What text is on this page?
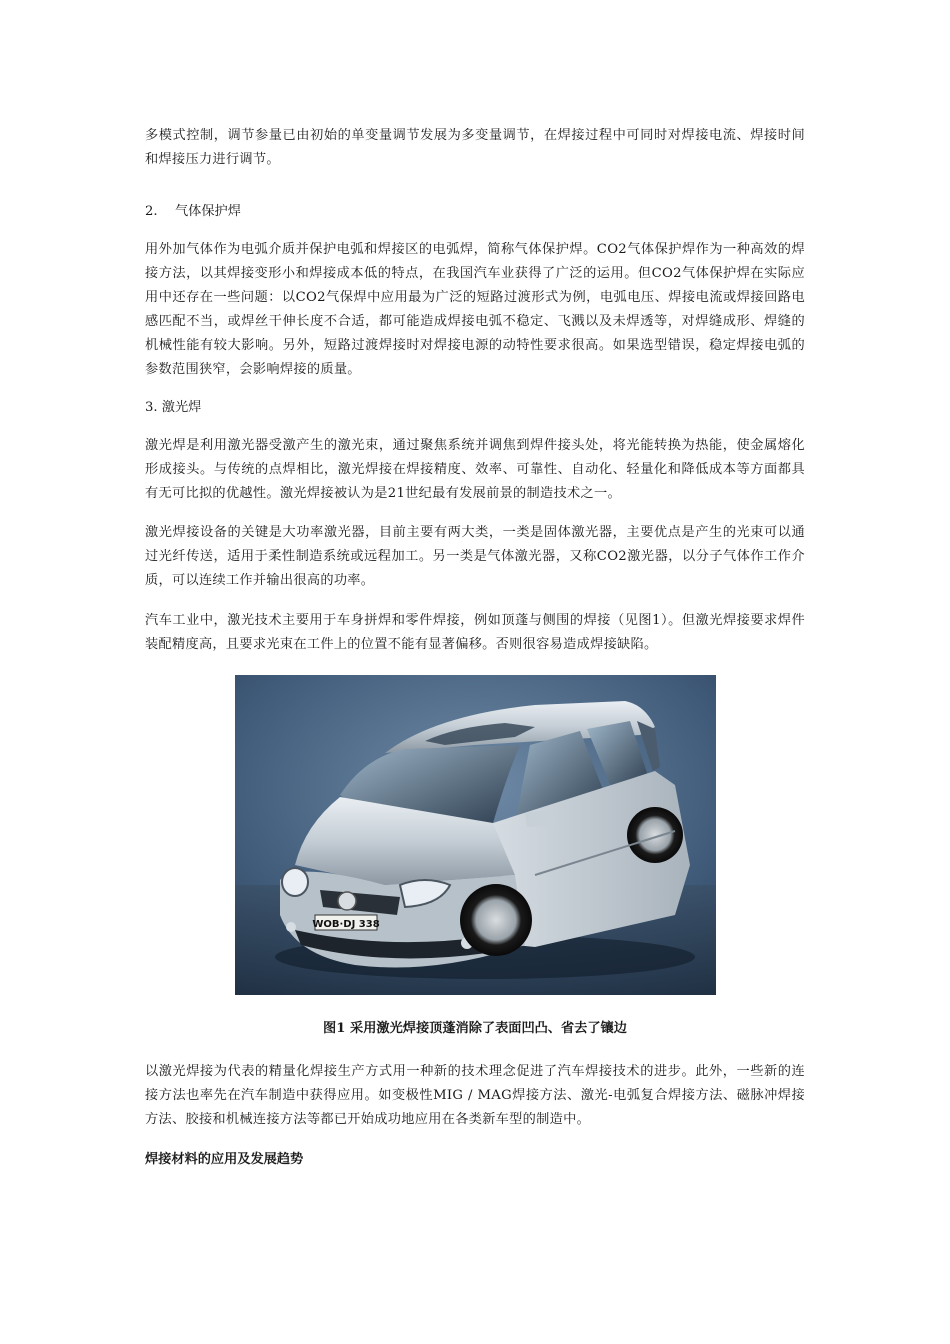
多模式控制，调节参量已由初始的单变量调节发展为多变量调节，在焊接过程中可同时对焊接电流、焊接时间和焊接压力进行调节。

2.　 气体保护焊

用外加气体作为电弧介质并保护电弧和焊接区的电弧焊，简称气体保护焊。CO2气体保护焊作为一种高效的焊接方法，以其焊接变形小和焊接成本低的特点，在我国汽车业获得了广泛的运用。但CO2气体保护焊在实际应用中还存在一些问题：以CO2气保焊中应用最为广泛的短路过渡形式为例，电弧电压、焊接电流或焊接回路电感匹配不当，或焊丝干伸长度不合适，都可能造成焊接电弧不稳定、飞溅以及未焊透等，对焊缝成形、焊缝的机械性能有较大影响。另外，短路过渡焊接时对焊接电源的动特性要求很高。如果选型错误，稳定焊接电弧的参数范围狭窄，会影响焊接的质量。

3. 激光焊

激光焊是利用激光器受激产生的激光束，通过聚焦系统并调焦到焊件接头处，将光能转换为热能，使金属熔化形成接头。与传统的点焊相比，激光焊接在焊接精度、效率、可靠性、自动化、轻量化和降低成本等方面都具有无可比拟的优越性。激光焊接被认为是21世纪最有发展前景的制造技术之一。

激光焊接设备的关键是大功率激光器，目前主要有两大类，一类是固体激光器，主要优点是产生的光束可以通过光纤传送，适用于柔性制造系统或远程加工。另一类是气体激光器，又称CO2激光器，以分子气体作工作介质，可以连续工作并输出很高的功率。

汽车工业中，激光技术主要用于车身拼焊和零件焊接，例如顶蓬与侧围的焊接（见图1）。但激光焊接要求焊件装配精度高，且要求光束在工件上的位置不能有显著偏移。否则很容易造成焊接缺陷。

WOB·DJ 338

图1 采用激光焊接顶蓬消除了表面凹凸、省去了镶边

以激光焊接为代表的精量化焊接生产方式用一种新的技术理念促进了汽车焊接技术的进步。此外，一些新的连接方法也率先在汽车制造中获得应用。如变极性MIG / MAG焊接方法、激光-电弧复合焊接方法、磁脉冲焊接方法、胶接和机械连接方法等都已开始成功地应用在各类新车型的制造中。

焊接材料的应用及发展趋势
